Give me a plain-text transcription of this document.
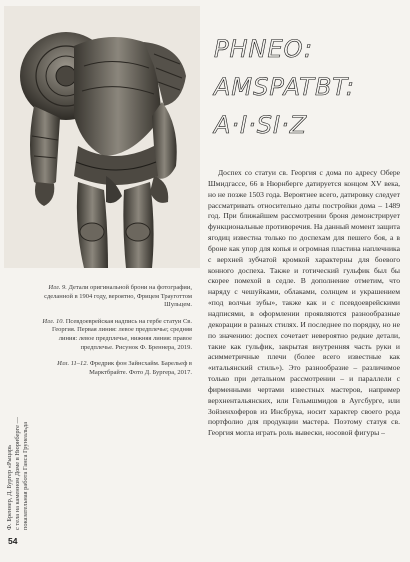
Илл. 9. Детали оригинальной брони на фотографии, сделанной в 1904 году, вероятно, Фрицем Трауготтом Шульцем.

Илл. 10. Псевдоеврейская надпись на гербе статуи Св. Георгия. Первая линия: левое предплечье; средняя линия: левое предплечье, нижняя линия: правое предплечье. Рисунок Ф. Бреннера, 2019.

Илл. 11–12. Фредрик фон Зайнсхайм. Барельеф в Марктбрайте. Фото Д. Бургера, 2017.

Ф. Бреннер, Д. Бургер «Рыцарь с тела на каменном Доме в Нюрнберге — показательная работа Ганса Грунеальда
54
PHNEO:
AMSPATBT:
A·I·SI·Z

Доспех со статуи св. Георгия с дома по адресу Оберe Шмидгассе, 66 в Нюрнберге датируется концом XV века, но не позже 1503 года. Вероятнее всего, датировку следует рассматривать относительно даты постройки дома – 1489 год. При ближайшем рассмотрении броня демонстрирует функциональные противоречия. На данный момент защита ягодиц известна только по доспехам для пешего боя, а в броне как упор для копья и огромная пластина наплечника с верхней зубчатой кромкой характерны для боевого конного доспеха. Также и готический гульфик был бы скорее помехой в седле. В дополнение отметим, что наряду с чешуйками, облаками, солнцем и украшением «под волчьи зубы», также как и с псевдоеврейскими надписями, в оформлении проявляются разнообразные декорации в разных стилях. И последнее по порядку, но не по значению: доспех сочетает невероятно редкие детали, такие как гульфик, закрытая внутренняя часть руки и асимметричные плечи (более всего известные как «итальянский стиль»). Это разнообразие – различимое только при детальном рассмотрении – и параллели с фирменными чертами известных мастеров, например верхнентальянских, или Гельмшмидов в Аугсбурге, или Зойзенхоферов из Инсбрука, носит характер своего рода портфолио для продукции мастера. Поэтому статуя св. Георгия могла играть роль вывески, носовой фигуры –
